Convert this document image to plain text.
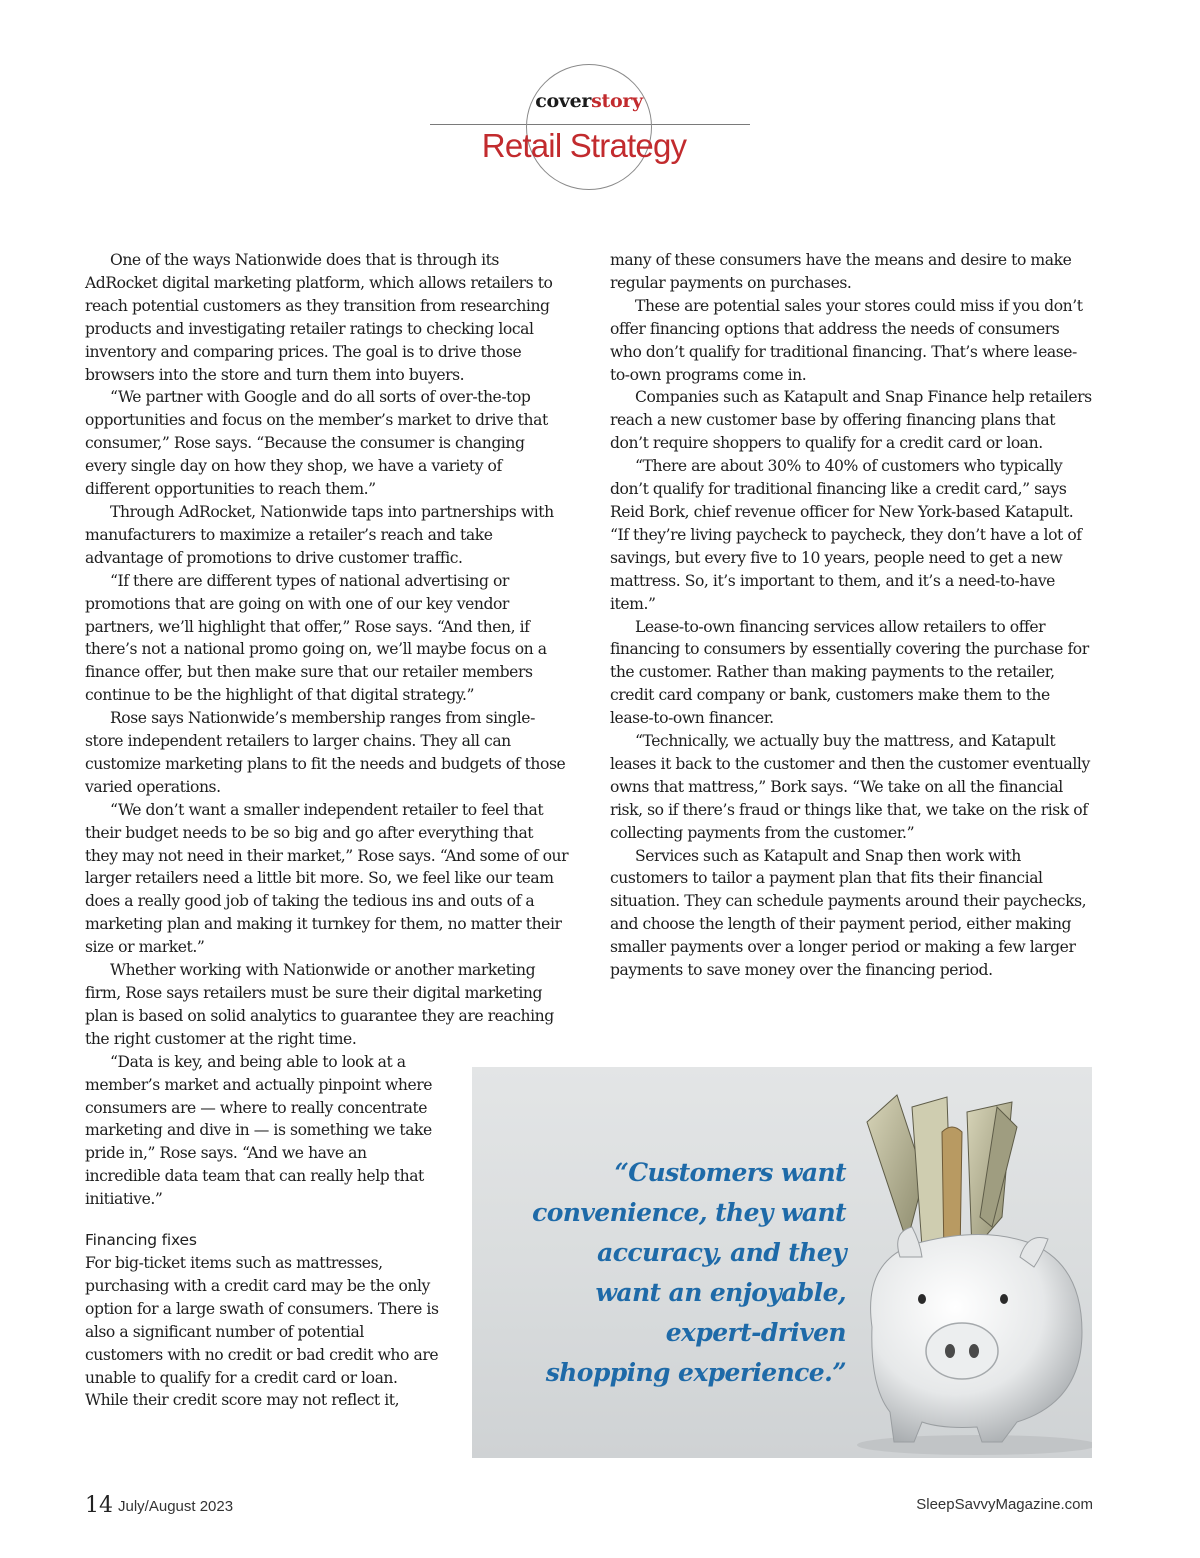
coverstory
Retail Strategy

One of the ways Nationwide does that is through its AdRocket digital marketing platform, which allows retailers to reach potential customers as they transition from researching products and investigating retailer ratings to checking local inventory and comparing prices. The goal is to drive those browsers into the store and turn them into buyers.

“We partner with Google and do all sorts of over-the-top opportunities and focus on the member’s market to drive that consumer,” Rose says. “Because the consumer is changing every single day on how they shop, we have a variety of different opportunities to reach them.”

Through AdRocket, Nationwide taps into partnerships with manufacturers to maximize a retailer’s reach and take advantage of promotions to drive customer traffic.

“If there are different types of national advertising or promotions that are going on with one of our key vendor partners, we’ll highlight that offer,” Rose says. “And then, if there’s not a national promo going on, we’ll maybe focus on a finance offer, but then make sure that our retailer members continue to be the highlight of that digital strategy.”

Rose says Nationwide’s membership ranges from single-store independent retailers to larger chains. They all can customize marketing plans to fit the needs and budgets of those varied operations.

“We don’t want a smaller independent retailer to feel that their budget needs to be so big and go after everything that they may not need in their market,” Rose says. “And some of our larger retailers need a little bit more. So, we feel like our team does a really good job of taking the tedious ins and outs of a marketing plan and making it turnkey for them, no matter their size or market.”

Whether working with Nationwide or another marketing firm, Rose says retailers must be sure their digital marketing plan is based on solid analytics to guarantee they are reaching the right customer at the right time.

“Data is key, and being able to look at a member’s market and actually pinpoint where consumers are — where to really concentrate marketing and dive in — is something we take pride in,” Rose says. “And we have an incredible data team that can really help that initiative.”

Financing fixes

For big-ticket items such as mattresses, purchasing with a credit card may be the only option for a large swath of consumers. There is also a significant number of potential customers with no credit or bad credit who are unable to qualify for a credit card or loan. While their credit score may not reflect it,

many of these consumers have the means and desire to make regular payments on purchases.

These are potential sales your stores could miss if you don’t offer financing options that address the needs of consumers who don’t qualify for traditional financing. That’s where lease-to-own programs come in.

Companies such as Katapult and Snap Finance help retailers reach a new customer base by offering financing plans that don’t require shoppers to qualify for a credit card or loan.

“There are about 30% to 40% of customers who typically don’t qualify for traditional financing like a credit card,” says Reid Bork, chief revenue officer for New York-based Katapult. “If they’re living paycheck to paycheck, they don’t have a lot of savings, but every five to 10 years, people need to get a new mattress. So, it’s important to them, and it’s a need-to-have item.”

Lease-to-own financing services allow retailers to offer financing to consumers by essentially covering the purchase for the customer. Rather than making payments to the retailer, credit card company or bank, customers make them to the lease-to-own financer.

“Technically, we actually buy the mattress, and Katapult leases it back to the customer and then the customer eventually owns that mattress,” Bork says. “We take on all the financial risk, so if there’s fraud or things like that, we take on the risk of collecting payments from the customer.”

Services such as Katapult and Snap then work with customers to tailor a payment plan that fits their financial situation. They can schedule payments around their paychecks, and choose the length of their payment period, either making smaller payments over a longer period or making a few larger payments to save money over the financing period.

“Customers want
convenience, they want
accuracy, and they
want an enjoyable,
expert-driven
shopping experience.”
14 July/August 2023	SleepSavvyMagazine.com
